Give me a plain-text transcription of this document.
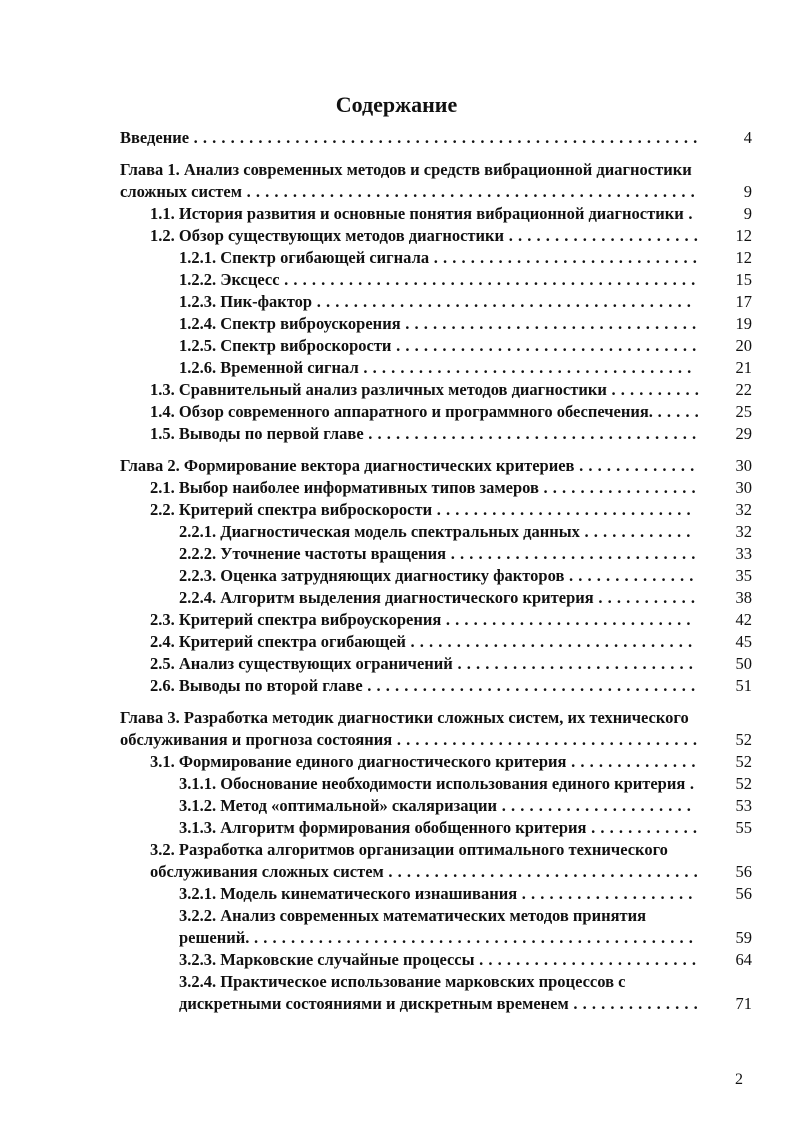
Содержание
Введение . . . . . . . . . . . . . . . . . . . . . . . . . . . . . . . . . . . . . . . . . . . . . . . . . . . . . . .	4
Глава 1. Анализ современных методов и средств вибрационной диагностики сложных систем . . . . . . . . . . . . . . . . . . . . . . . . . . . . . . . . . . . . . . . . . . . . . . . . .	9
1.1. История развития и основные понятия вибрационной диагностики .	9
1.2. Обзор существующих методов диагностики . . . . . . . . . . . . . . . . . . . . .	12
1.2.1. Спектр огибающей сигнала . . . . . . . . . . . . . . . . . . . . . . . . . . . . .	12
1.2.2. Эксцесс . . . . . . . . . . . . . . . . . . . . . . . . . . . . . . . . . . . . . . . . . . . . .	15
1.2.3. Пик-фактор . . . . . . . . . . . . . . . . . . . . . . . . . . . . . . . . . . . . . . . . .	17
1.2.4. Спектр виброускорения . . . . . . . . . . . . . . . . . . . . . . . . . . . . . . . .	19
1.2.5. Спектр виброскорости . . . . . . . . . . . . . . . . . . . . . . . . . . . . . . . . .	20
1.2.6. Временной сигнал . . . . . . . . . . . . . . . . . . . . . . . . . . . . . . . . . . . .	21
1.3. Сравнительный анализ различных методов диагностики . . . . . . . . . .	22
1.4. Обзор современного аппаратного и программного обеспечения. . . . . .	25
1.5. Выводы по первой главе . . . . . . . . . . . . . . . . . . . . . . . . . . . . . . . . . . . .	29
Глава 2. Формирование вектора диагностических критериев . . . . . . . . . . . . .	30
2.1. Выбор наиболее информативных типов замеров . . . . . . . . . . . . . . . . .	30
2.2. Критерий спектра виброскорости . . . . . . . . . . . . . . . . . . . . . . . . . . . .	32
2.2.1. Диагностическая модель спектральных данных . . . . . . . . . . . .	32
2.2.2. Уточнение частоты вращения . . . . . . . . . . . . . . . . . . . . . . . . . . .	33
2.2.3. Оценка затрудняющих диагностику факторов . . . . . . . . . . . . . .	35
2.2.4. Алгоритм выделения диагностического критерия . . . . . . . . . . .	38
2.3. Критерий спектра виброускорения . . . . . . . . . . . . . . . . . . . . . . . . . . .	42
2.4. Критерий спектра огибающей . . . . . . . . . . . . . . . . . . . . . . . . . . . . . . .	45
2.5. Анализ существующих ограничений . . . . . . . . . . . . . . . . . . . . . . . . . .	50
2.6. Выводы по второй главе . . . . . . . . . . . . . . . . . . . . . . . . . . . . . . . . . . . .	51
Глава 3. Разработка методик диагностики сложных систем, их технического обслуживания и прогноза состояния . . . . . . . . . . . . . . . . . . . . . . . . . . . . . . . . .	52
3.1. Формирование единого диагностического критерия . . . . . . . . . . . . . .	52
3.1.1. Обоснование необходимости использования единого критерия .	52
3.1.2. Метод «оптимальной» скаляризации . . . . . . . . . . . . . . . . . . . . .	53
3.1.3. Алгоритм формирования обобщенного критерия . . . . . . . . . . . .	55
3.2. Разработка алгоритмов организации оптимального технического обслуживания сложных систем . . . . . . . . . . . . . . . . . . . . . . . . . . . . . . . . . .	56
3.2.1. Модель кинематического изнашивания . . . . . . . . . . . . . . . . . . .	56
3.2.2. Анализ современных математических методов принятия решений. . . . . . . . . . . . . . . . . . . . . . . . . . . . . . . . . . . . . . . . . . . . . . . . .	59
3.2.3. Марковские случайные процессы . . . . . . . . . . . . . . . . . . . . . . . .	64
3.2.4. Практическое использование марковских процессов с дискретными состояниями и дискретным временем . . . . . . . . . . . . . .	71
2
